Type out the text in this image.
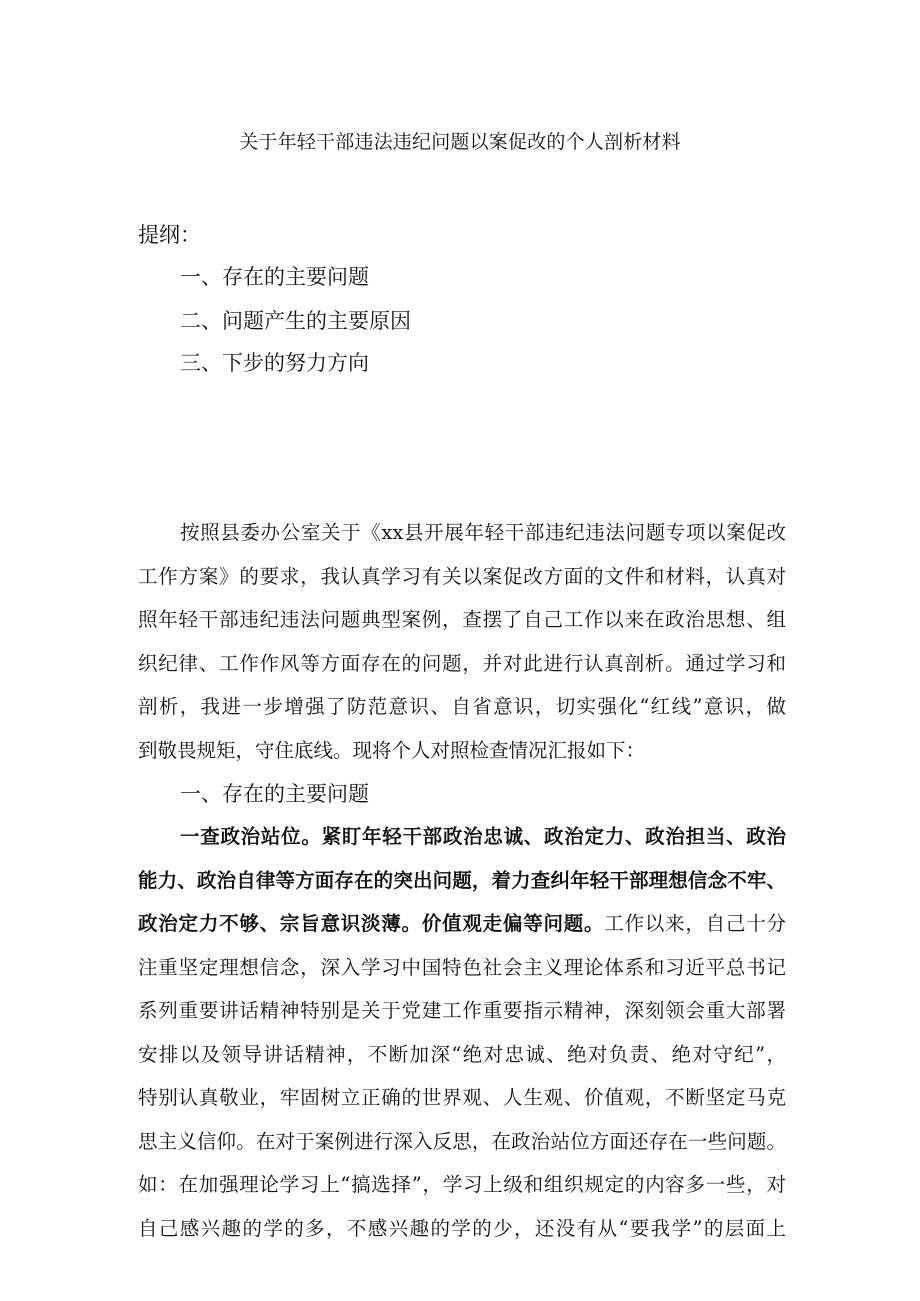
关于年轻干部违法违纪问题以案促改的个人剖析材料
提纲：
一、存在的主要问题
二、问题产生的主要原因
三、下步的努力方向
按照县委办公室关于《xx县开展年轻干部违纪违法问题专项以案促改
工作方案》的要求，我认真学习有关以案促改方面的文件和材料，认真对
照年轻干部违纪违法问题典型案例，查摆了自己工作以来在政治思想、组
织纪律、工作作风等方面存在的问题，并对此进行认真剖析。通过学习和
剖析，我进一步增强了防范意识、自省意识，切实强化“红线”意识，做
到敬畏规矩，守住底线。现将个人对照检查情况汇报如下：
一、存在的主要问题
一查政治站位。紧盯年轻干部政治忠诚、政治定力、政治担当、政治
能力、政治自律等方面存在的突出问题，着力查纠年轻干部理想信念不牢、
政治定力不够、宗旨意识淡薄。价值观走偏等问题。工作以来，自己十分
注重坚定理想信念，深入学习中国特色社会主义理论体系和习近平总书记
系列重要讲话精神特别是关于党建工作重要指示精神，深刻领会重大部署
安排以及领导讲话精神，不断加深“绝对忠诚、绝对负责、绝对守纪”，
特别认真敬业，牢固树立正确的世界观、人生观、价值观，不断坚定马克
思主义信仰。在对于案例进行深入反思，在政治站位方面还存在一些问题。
如：在加强理论学习上“搞选择”，学习上级和组织规定的内容多一些，对
自己感兴趣的学的多，不感兴趣的学的少，还没有从“要我学”的层面上
